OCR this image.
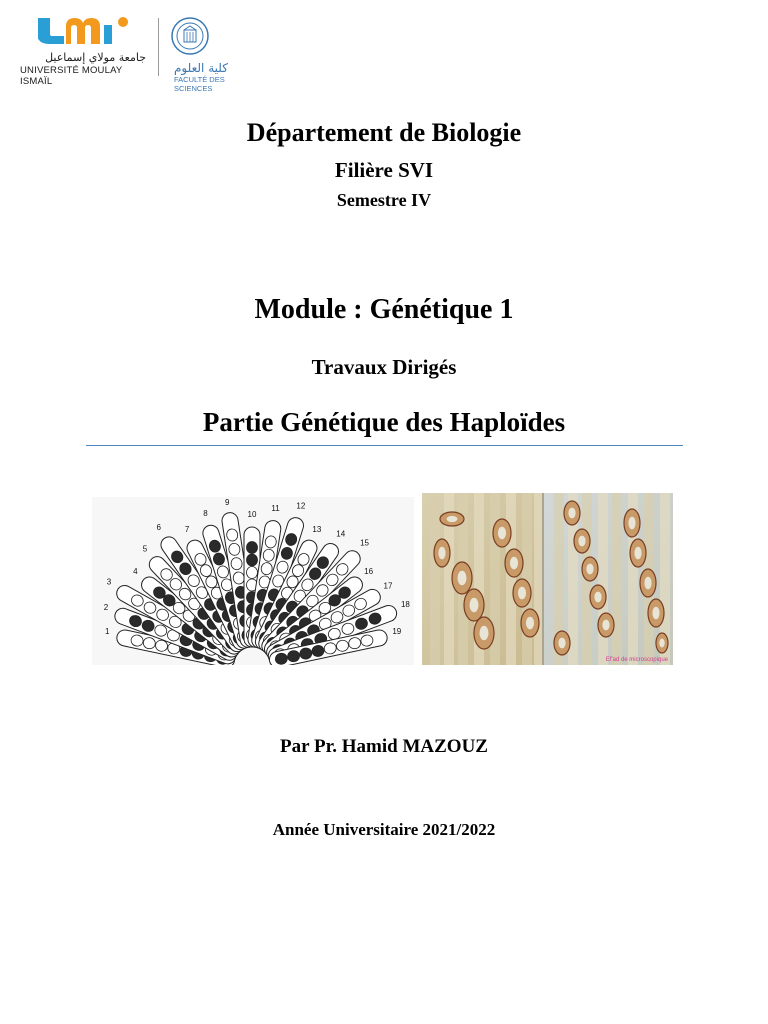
جامعة مولاي إسماعيل
UNIVERSITÉ MOULAY ISMAÏL
كلية العلوم
FACULTÉ DES SCIENCES
Département de Biologie
Filière SVI
Semestre IV
Module : Génétique 1
Travaux Dirigés
Partie Génétique des Haploïdes
1
2
3
4
5
6	7
8
9
10
11 12
13
14
15
16
17
18
19
Ef'ad de microscopique
Par Pr. Hamid MAZOUZ
Année Universitaire 2021/2022
